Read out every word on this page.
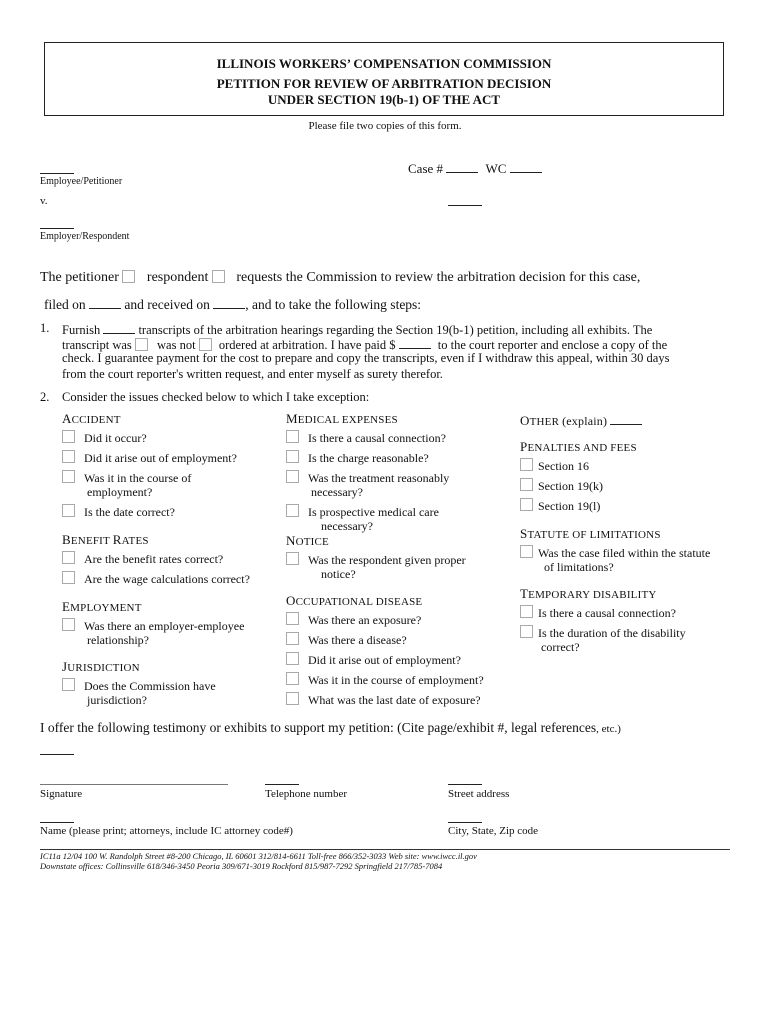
ILLINOIS WORKERS’ COMPENSATION COMMISSION
PETITION FOR REVIEW OF ARBITRATION DECISION
UNDER SECTION 19(b-1) OF THE ACT
Please file two copies of this form.
Employee/Petitioner
v.
Employer/Respondent
Case #	WC
The petitioner respondent requests the Commission to review the arbitration decision for this case,
filed on	and received on	, and to take the following steps:
1. Furnish	transcripts of the arbitration hearings regarding the Section 19(b-1) petition, including all exhibits. The
transcript was was not ordered at arbitration. I have paid $	to the court reporter and enclose a copy of the
check. I guarantee payment for the cost to prepare and copy the transcripts, even if I withdraw this appeal, within 30 days
from the court reporter's written request, and enter myself as surety therefor.
2. Consider the issues checked below to which I take exception:
ACCIDENT
Did it occur?
Did it arise out of employment?
Was it in the course of
employment?
Is the date correct?
BENEFIT RATES
Are the benefit rates correct?
Are the wage calculations correct?
EMPLOYMENT
Was there an employer-employee
relationship?
JURISDICTION
Does the Commission have
jurisdiction?
MEDICAL EXPENSES
Is there a causal connection?
Is the charge reasonable?
Was the treatment reasonably
necessary?
Is prospective medical care
necessary?
NOTICE
Was the respondent given proper
notice?
OCCUPATIONAL DISEASE
Was there an exposure?
Was there a disease?
Did it arise out of employment?
Was it in the course of employment?
What was the last date of exposure?
OTHER (explain)
PENALTIES AND FEES
Section 16
Section 19(k)
Section 19(l)
STATUTE OF LIMITATIONS
Was the case filed within the statute
of limitations?
TEMPORARY DISABILITY
Is there a causal connection?
Is the duration of the disability
correct?
I offer the following testimony or exhibits to support my petition: (Cite page/exhibit #, legal references, etc.)
Signature	Telephone number	Street address
Name (please print; attorneys, include IC attorney code#)	City, State, Zip code
IC11a 12/04 100 W. Randolph Street #8-200 Chicago, IL 60601 312/814-6611 Toll-free 866/352-3033 Web site: www.iwcc.il.gov
Downstate offices: Collinsville 618/346-3450 Peoria 309/671-3019 Rockford 815/987-7292 Springfield 217/785-7084
